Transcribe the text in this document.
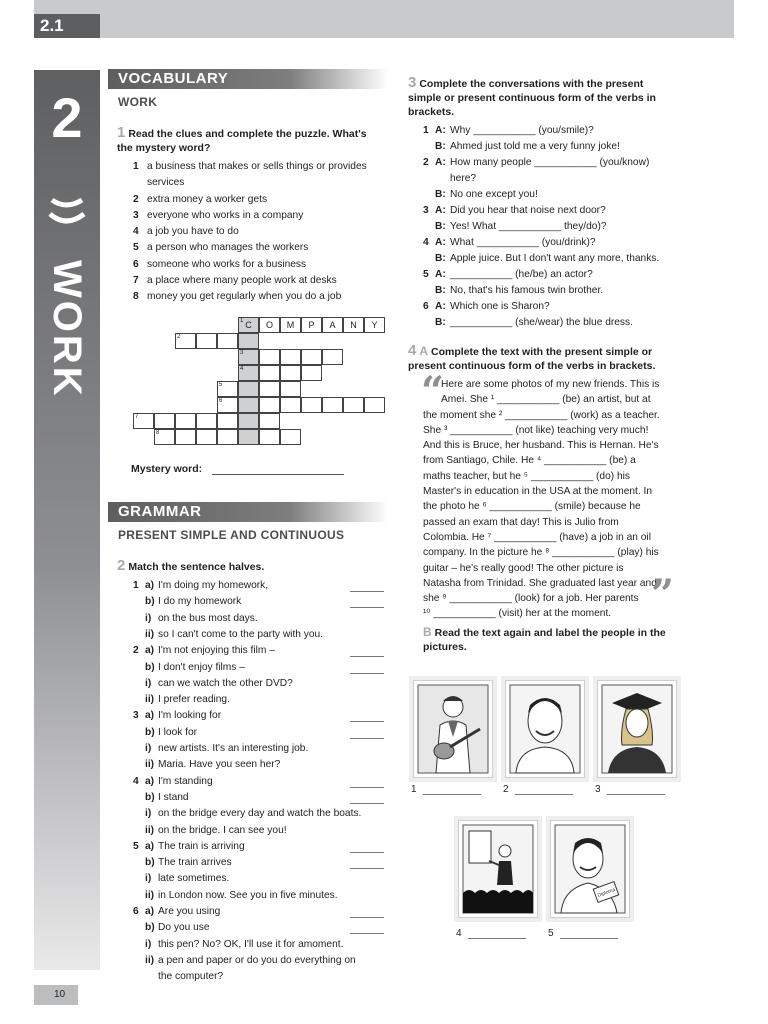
2.1
2
WORK
10
VOCABULARY
WORK
1 Read the clues and complete the puzzle. What's the mystery word?
1 a business that makes or sells things or provides services
2 extra money a worker gets
3 everyone who works in a company
4 a job you have to do
5 a person who manages the workers
6 someone who works for a business
7 a place where many people work at desks
8 money you get regularly when you do a job
1 C	O	M	P	A	N	Y
2
3
4
5
6
7
8
Mystery word:
GRAMMAR
PRESENT SIMPLE AND CONTINUOUS
2 Match the sentence halves.
1 a) I'm doing my homework,
b) I do my homework
i) on the bus most days.
ii) so I can't come to the party with you.
2 a) I'm not enjoying this film –
b) I don't enjoy films –
i) can we watch the other DVD?
ii) I prefer reading.
3 a) I'm looking for
b) I look for
i) new artists. It's an interesting job.
ii) Maria. Have you seen her?
4 a) I'm standing
b) I stand
i) on the bridge every day and watch the boats.
ii) on the bridge. I can see you!
5 a) The train is arriving
b) The train arrives
i) late sometimes.
ii) in London now. See you in five minutes.
6 a) Are you using
b) Do you use
i) this pen? No? OK, I'll use it for amoment.
ii) a pen and paper or do you do everything on
the computer?
3 Complete the conversations with the present simple or present continuous form of the verbs in brackets.
1 A: Why ___________ (you/smile)?
B: Ahmed just told me a very funny joke!
2 A: How many people ___________ (you/know)
here?
B: No one except you!
3 A: Did you hear that noise next door?
B: Yes! What ___________ they/do)?
4 A: What ___________ (you/drink)?
B: Apple juice. But I don't want any more, thanks.
5 A: ___________ (he/be) an actor?
B: No, that's his famous twin brother.
6 A: Which one is Sharon?
B: ___________ (she/wear) the blue dress.
4 A Complete the text with the present simple or present continuous form of the verbs in brackets.
“
Here are some photos of my new friends. This is
Amei. She ¹ ___________ (be) an artist, but at
the moment she ² ___________ (work) as a teacher.
She ³ ___________ (not like) teaching very much!
And this is Bruce, her husband. This is Hernan. He's
from Santiago, Chile. He ⁴ ___________ (be) a
maths teacher, but he ⁵ ___________ (do) his
Master's in education in the USA at the moment. In
the photo he ⁶ ___________ (smile) because he
passed an exam that day! This is Julio from
Colombia. He ⁷ ___________ (have) a job in an oil
company. In the picture he ⁸ ___________ (play) his
guitar – he's really good! The other picture is
Natasha from Trinidad. She graduated last year and
she ⁹ ___________ (look) for a job. Her parents
¹⁰ ___________ (visit) her at the moment. ”
B Read the text again and label the people in the pictures.
1	2	3
4
Diploma
5
